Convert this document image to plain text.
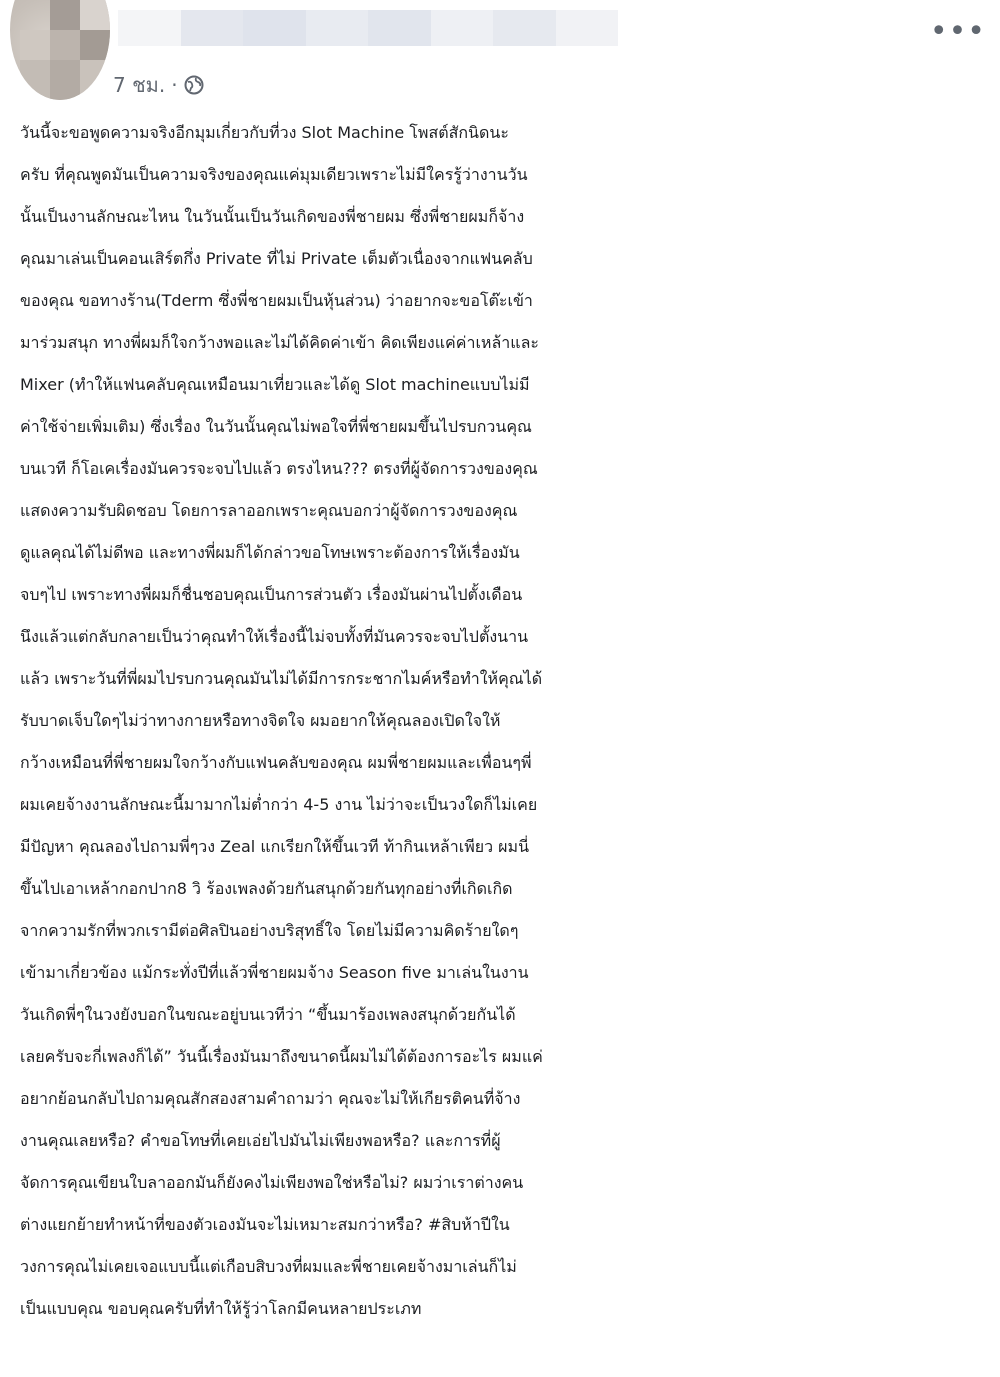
7 ชม. ·
•••
วันนี้จะขอพูดความจริงอีกมุมเกี่ยวกับที่วง Slot Machine โพสต์สักนิดนะ
ครับ ที่คุณพูดมันเป็นความจริงของคุณแค่มุมเดียวเพราะไม่มีใครรู้ว่างานวัน
นั้นเป็นงานลักษณะไหน ในวันนั้นเป็นวันเกิดของพี่ชายผม ซึ่งพี่ชายผมก็จ้าง
คุณมาเล่นเป็นคอนเสิร์ตกึ่ง Private ที่ไม่ Private เต็มตัวเนื่องจากแฟนคลับ
ของคุณ ขอทางร้าน(Tderm ซึ่งพี่ชายผมเป็นหุ้นส่วน) ว่าอยากจะขอโต๊ะเข้า
มาร่วมสนุก ทางพี่ผมก็ใจกว้างพอและไม่ได้คิดค่าเข้า คิดเพียงแค่ค่าเหล้าและ
Mixer (ทำให้แฟนคลับคุณเหมือนมาเที่ยวและได้ดู Slot machineแบบไม่มี
ค่าใช้จ่ายเพิ่มเติม) ซึ่งเรื่อง ในวันนั้นคุณไม่พอใจที่พี่ชายผมขึ้นไปรบกวนคุณ
บนเวที ก็โอเคเรื่องมันควรจะจบไปแล้ว ตรงไหน??? ตรงที่ผู้จัดการวงของคุณ
แสดงความรับผิดชอบ โดยการลาออกเพราะคุณบอกว่าผู้จัดการวงของคุณ
ดูแลคุณได้ไม่ดีพอ และทางพี่ผมก็ได้กล่าวขอโทษเพราะต้องการให้เรื่องมัน
จบๆไป เพราะทางพี่ผมก็ชื่นชอบคุณเป็นการส่วนตัว เรื่องมันผ่านไปตั้งเดือน
นึงแล้วแต่กลับกลายเป็นว่าคุณทำให้เรื่องนี้ไม่จบทั้งที่มันควรจะจบไปตั้งนาน
แล้ว เพราะวันที่พี่ผมไปรบกวนคุณมันไม่ได้มีการกระชากไมค์หรือทำให้คุณได้
รับบาดเจ็บใดๆไม่ว่าทางกายหรือทางจิตใจ ผมอยากให้คุณลองเปิดใจให้
กว้างเหมือนที่พี่ชายผมใจกว้างกับแฟนคลับของคุณ ผมพี่ชายผมและเพื่อนๆพี่
ผมเคยจ้างงานลักษณะนี้มามากไม่ต่ำกว่า 4-5 งาน ไม่ว่าจะเป็นวงใดก็ไม่เคย
มีปัญหา คุณลองไปถามพี่ๆวง Zeal แกเรียกให้ขึ้นเวที ท้ากินเหล้าเพียว ผมนี่
ขึ้นไปเอาเหล้ากอกปาก8 วิ ร้องเพลงด้วยกันสนุกด้วยกันทุกอย่างที่เกิดเกิด
จากความรักที่พวกเรามีต่อศิลปินอย่างบริสุทธิ์ใจ โดยไม่มีความคิดร้ายใดๆ
เข้ามาเกี่ยวข้อง แม้กระทั่งปีที่แล้วพี่ชายผมจ้าง Season five มาเล่นในงาน
วันเกิดพี่ๆในวงยังบอกในขณะอยู่บนเวทีว่า “ขึ้นมาร้องเพลงสนุกด้วยกันได้
เลยครับจะกี่เพลงก็ได้” วันนี้เรื่องมันมาถึงขนาดนี้ผมไม่ได้ต้องการอะไร ผมแค่
อยากย้อนกลับไปถามคุณสักสองสามคำถามว่า คุณจะไม่ให้เกียรติคนที่จ้าง
งานคุณเลยหรือ? คำขอโทษที่เคยเอ่ยไปมันไม่เพียงพอหรือ? และการที่ผู้
จัดการคุณเขียนใบลาออกมันก็ยังคงไม่เพียงพอใช่หรือไม่? ผมว่าเราต่างคน
ต่างแยกย้ายทำหน้าที่ของตัวเองมันจะไม่เหมาะสมกว่าหรือ? #สิบห้าปีใน
วงการคุณไม่เคยเจอแบบนี้แต่เกือบสิบวงที่ผมและพี่ชายเคยจ้างมาเล่นก็ไม่
เป็นแบบคุณ ขอบคุณครับที่ทำให้รู้ว่าโลกมีคนหลายประเภท
